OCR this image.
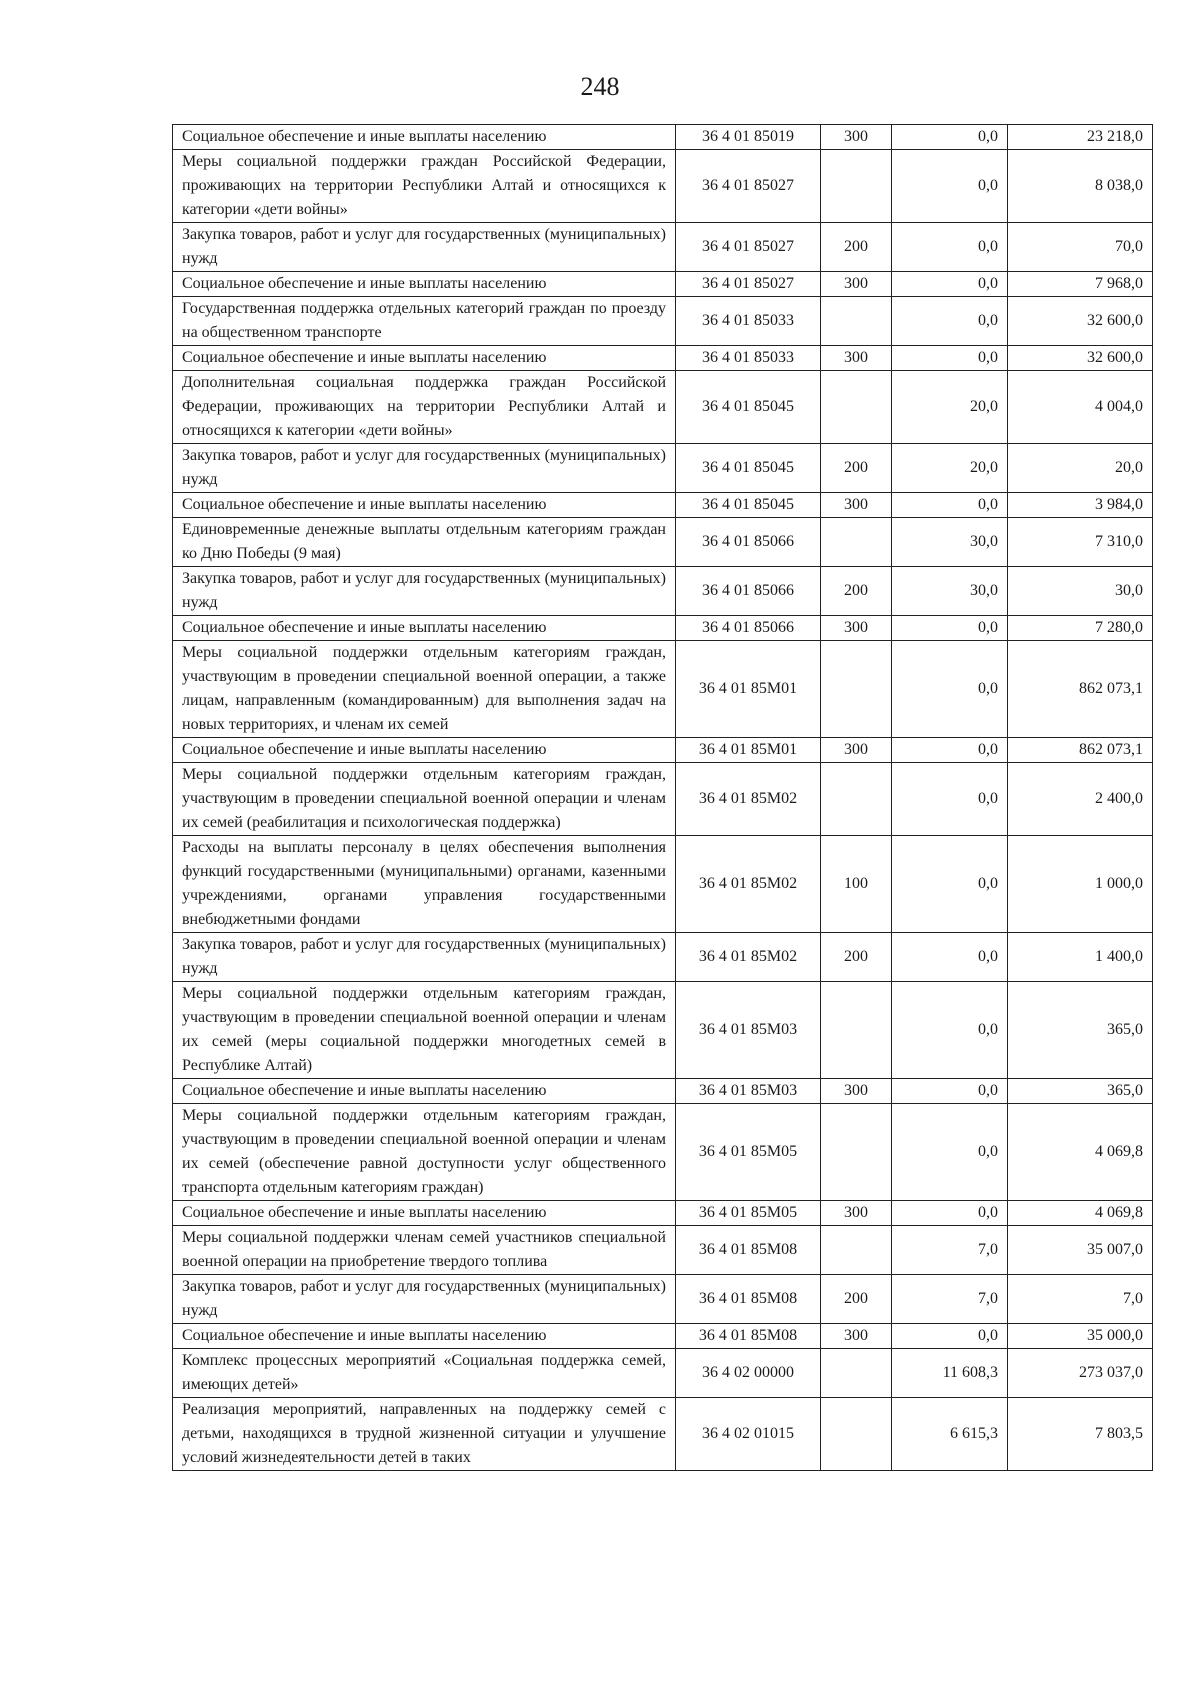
248
Социальное обеспечение и иные выплаты населению	36 4 01 85019	300	0,0	23 218,0
Меры социальной поддержки граждан Российской Федерации, проживающих на территории Республики Алтай и относящихся к категории «дети войны»	36 4 01 85027		0,0	8 038,0
Закупка товаров, работ и услуг для государственных (муниципальных) нужд	36 4 01 85027	200	0,0	70,0
Социальное обеспечение и иные выплаты населению	36 4 01 85027	300	0,0	7 968,0
Государственная поддержка отдельных категорий граждан по проезду на общественном транспорте	36 4 01 85033		0,0	32 600,0
Социальное обеспечение и иные выплаты населению	36 4 01 85033	300	0,0	32 600,0
Дополнительная социальная поддержка граждан Российской Федерации, проживающих на территории Республики Алтай и относящихся к категории «дети войны»	36 4 01 85045		20,0	4 004,0
Закупка товаров, работ и услуг для государственных (муниципальных) нужд	36 4 01 85045	200	20,0	20,0
Социальное обеспечение и иные выплаты населению	36 4 01 85045	300	0,0	3 984,0
Единовременные денежные выплаты отдельным категориям граждан ко Дню Победы (9 мая)	36 4 01 85066		30,0	7 310,0
Закупка товаров, работ и услуг для государственных (муниципальных) нужд	36 4 01 85066	200	30,0	30,0
Социальное обеспечение и иные выплаты населению	36 4 01 85066	300	0,0	7 280,0
Меры социальной поддержки отдельным категориям граждан, участвующим в проведении специальной военной операции, а также лицам, направленным (командированным) для выполнения задач на новых территориях, и членам их семей	36 4 01 85М01		0,0	862 073,1
Социальное обеспечение и иные выплаты населению	36 4 01 85М01	300	0,0	862 073,1
Меры социальной поддержки отдельным категориям граждан, участвующим в проведении специальной военной операции и членам их семей (реабилитация и психологическая поддержка)	36 4 01 85М02		0,0	2 400,0
Расходы на выплаты персоналу в целях обеспечения выполнения функций государственными (муниципальными) органами, казенными учреждениями, органами управления государственными внебюджетными фондами	36 4 01 85М02	100	0,0	1 000,0
Закупка товаров, работ и услуг для государственных (муниципальных) нужд	36 4 01 85М02	200	0,0	1 400,0
Меры социальной поддержки отдельным категориям граждан, участвующим в проведении специальной военной операции и членам их семей (меры социальной поддержки многодетных семей в Республике Алтай)	36 4 01 85М03		0,0	365,0
Социальное обеспечение и иные выплаты населению	36 4 01 85М03	300	0,0	365,0
Меры социальной поддержки отдельным категориям граждан, участвующим в проведении специальной военной операции и членам их семей (обеспечение равной доступности услуг общественного транспорта отдельным категориям граждан)	36 4 01 85М05		0,0	4 069,8
Социальное обеспечение и иные выплаты населению	36 4 01 85М05	300	0,0	4 069,8
Меры социальной поддержки членам семей участников специальной военной операции на приобретение твердого топлива	36 4 01 85М08		7,0	35 007,0
Закупка товаров, работ и услуг для государственных (муниципальных) нужд	36 4 01 85М08	200	7,0	7,0
Социальное обеспечение и иные выплаты населению	36 4 01 85М08	300	0,0	35 000,0
Комплекс процессных мероприятий «Социальная поддержка семей, имеющих детей»	36 4 02 00000		11 608,3	273 037,0
Реализация мероприятий, направленных на поддержку семей с детьми, находящихся в трудной жизненной ситуации и улучшение условий жизнедеятельности детей в таких	36 4 02 01015		6 615,3	7 803,5
